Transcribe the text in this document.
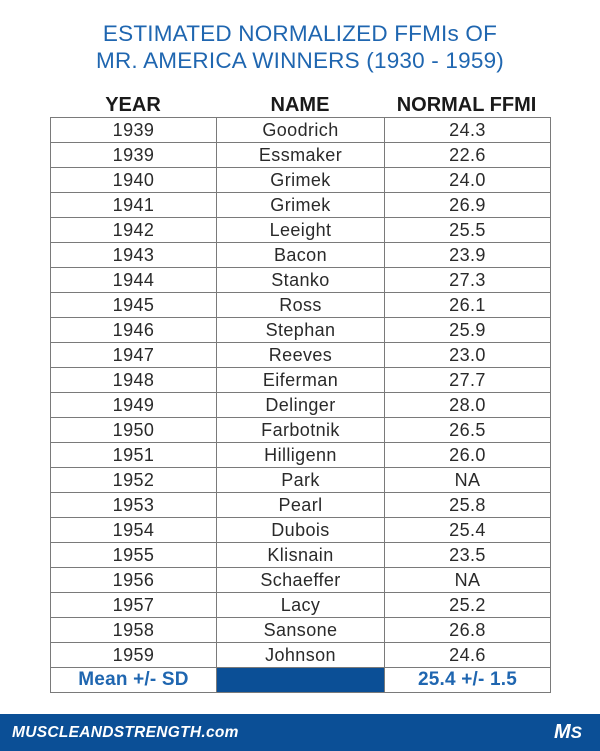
ESTIMATED NORMALIZED FFMIs OF
MR. AMERICA WINNERS (1930 - 1959)
YEAR	NAME	NORMAL FFMI
1939	Goodrich	24.3
1939	Essmaker	22.6
1940	Grimek	24.0
1941	Grimek	26.9
1942	Leeight	25.5
1943	Bacon	23.9
1944	Stanko	27.3
1945	Ross	26.1
1946	Stephan	25.9
1947	Reeves	23.0
1948	Eiferman	27.7
1949	Delinger	28.0
1950	Farbotnik	26.5
1951	Hilligenn	26.0
1952	Park	NA
1953	Pearl	25.8
1954	Dubois	25.4
1955	Klisnain	23.5
1956	Schaeffer	NA
1957	Lacy	25.2
1958	Sansone	26.8
1959	Johnson	24.6
Mean +/- SD		25.4 +/- 1.5
MUSCLEANDSTRENGTH.com	MS
